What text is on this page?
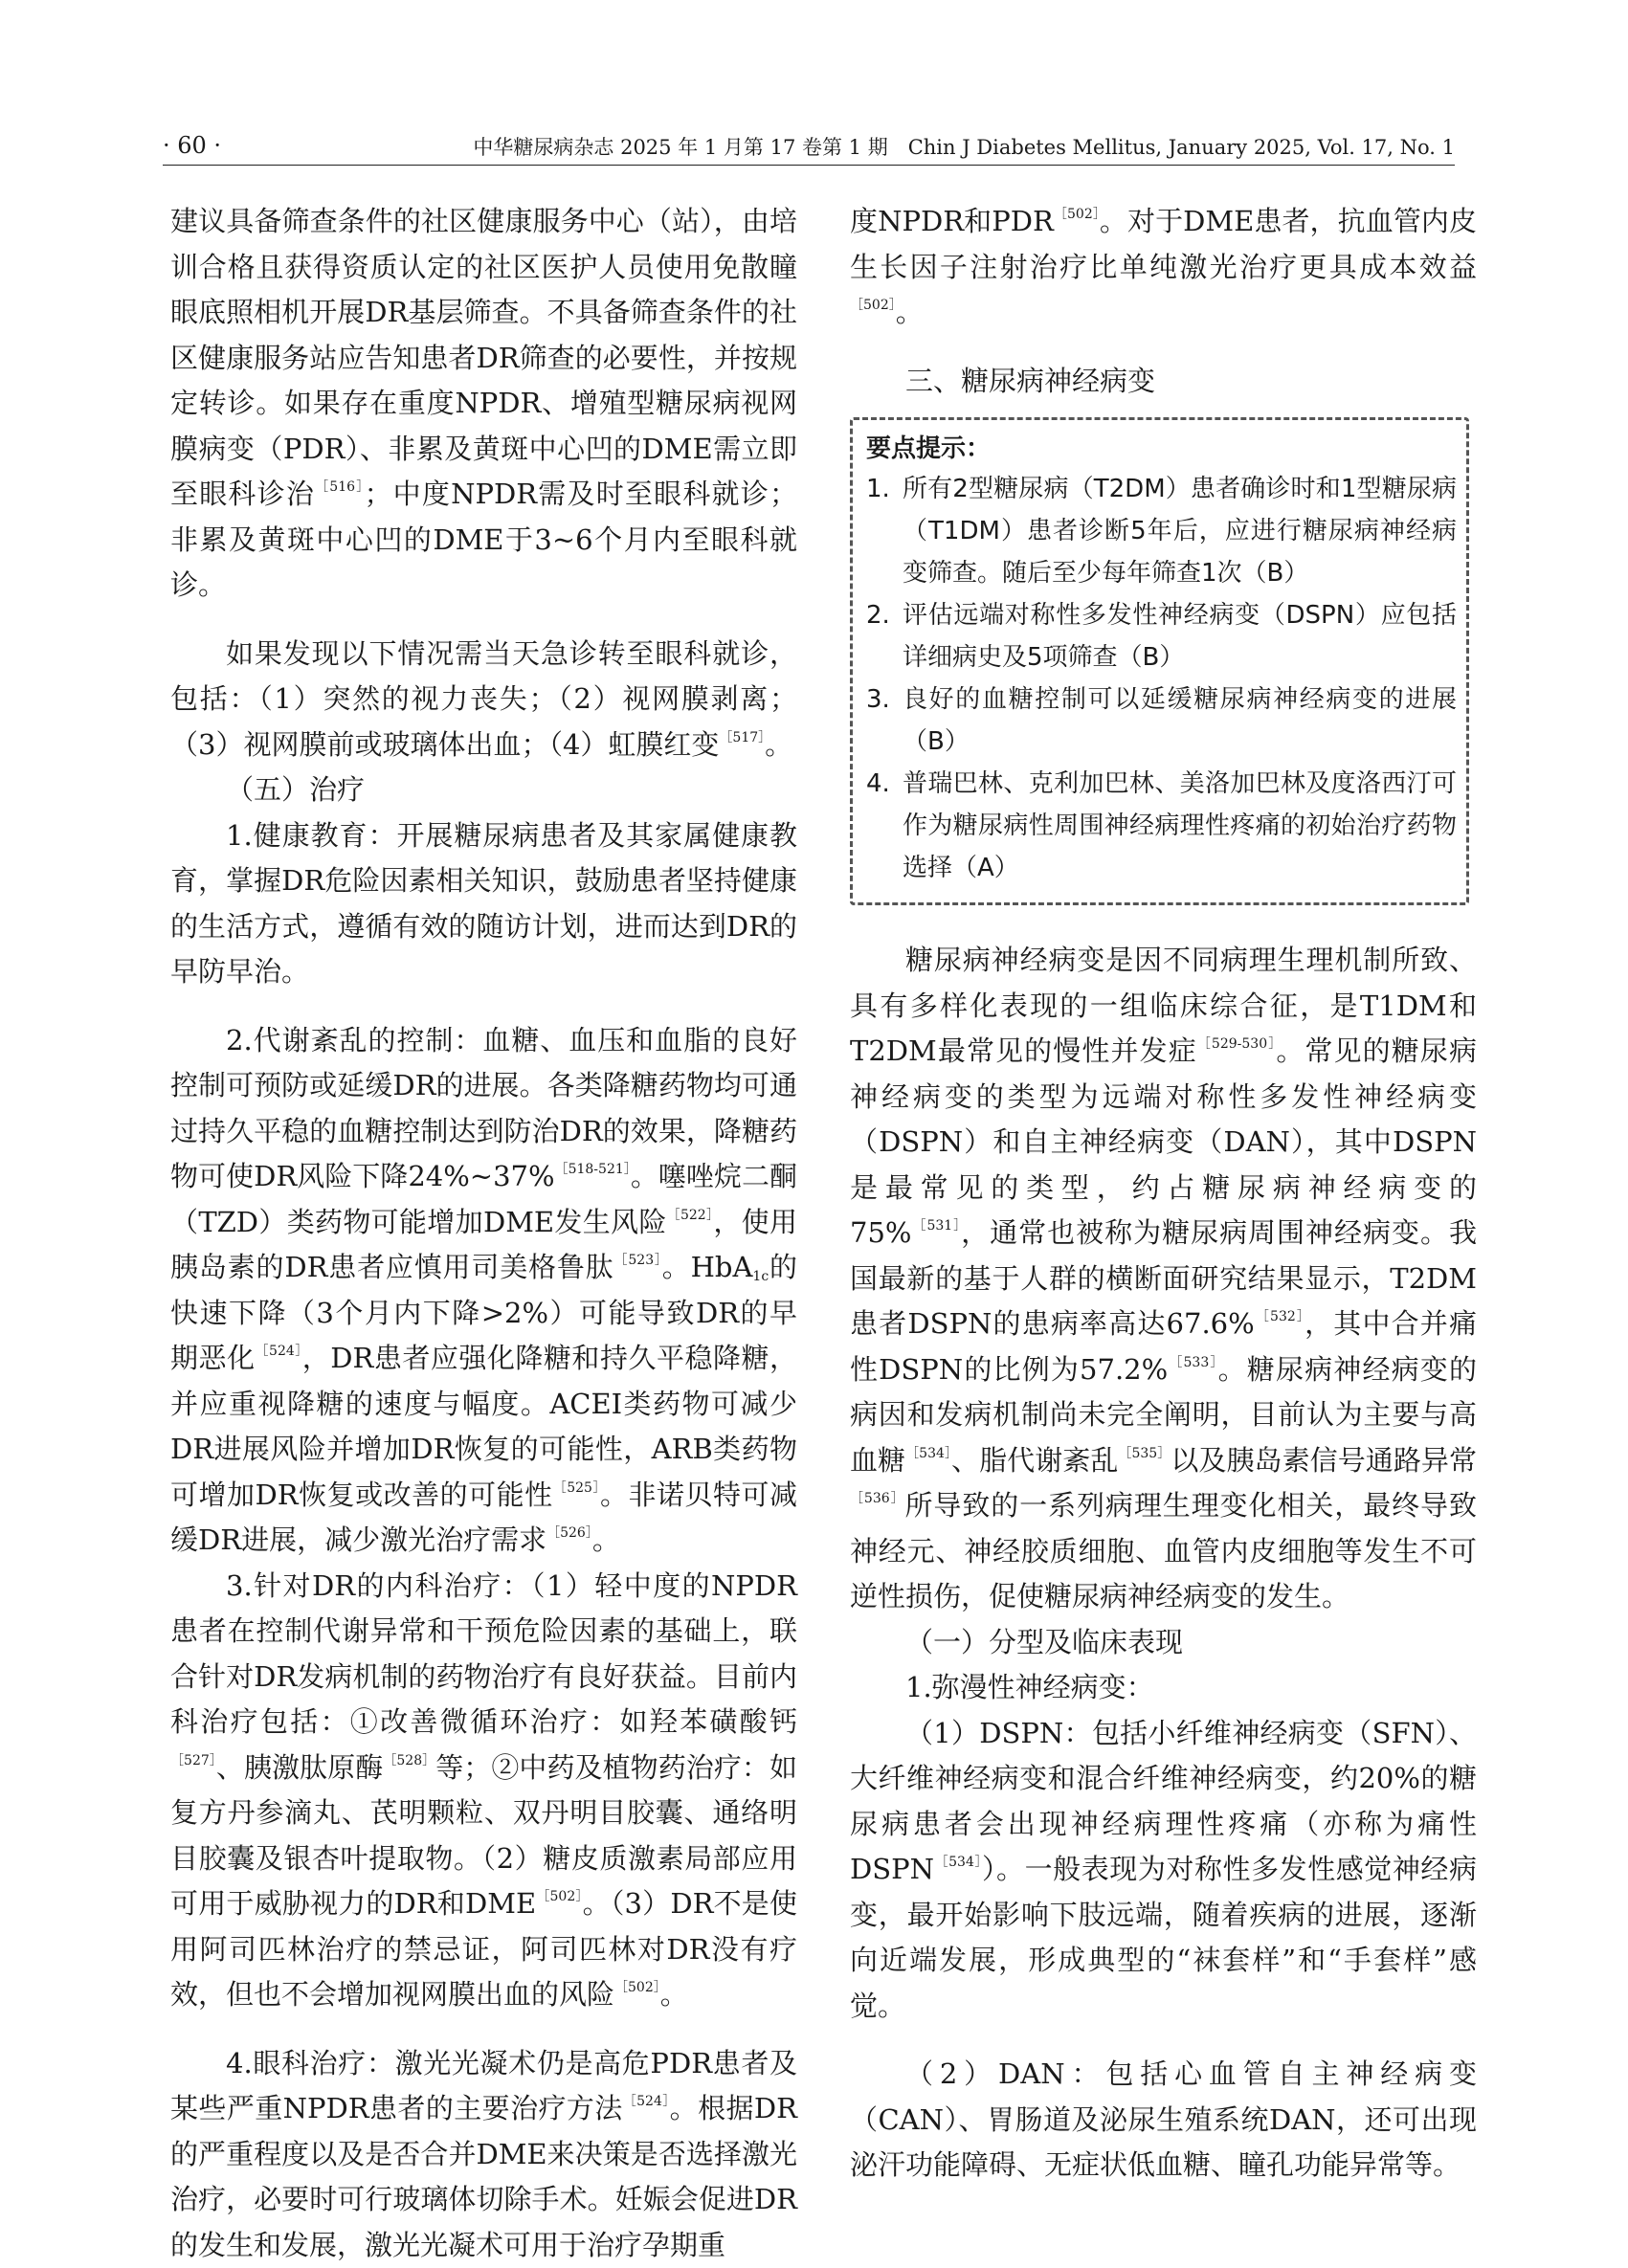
· 60 ·	中华糖尿病杂志 2025 年 1 月第 17 卷第 1 期　Chin J Diabetes Mellitus, January 2025, Vol. 17, No. 1

建议具备筛查条件的社区健康服务中心（站），由培训合格且获得资质认定的社区医护人员使用免散瞳眼底照相机开展DR基层筛查。不具备筛查条件的社区健康服务站应告知患者DR筛查的必要性，并按规定转诊。如果存在重度NPDR、增殖型糖尿病视网膜病变（PDR）、非累及黄斑中心凹的DME需立即至眼科诊治$^{[516]}$；中度NPDR需及时至眼科就诊；非累及黄斑中心凹的DME于3~6个月内至眼科就诊。

如果发现以下情况需当天急诊转至眼科就诊，包括：（1）突然的视力丧失；（2）视网膜剥离；（3）视网膜前或玻璃体出血；（4）虹膜红变$^{[517]}$。

（五）治疗

1.健康教育：开展糖尿病患者及其家属健康教育，掌握DR危险因素相关知识，鼓励患者坚持健康的生活方式，遵循有效的随访计划，进而达到DR的早防早治。

2.代谢紊乱的控制：血糖、血压和血脂的良好控制可预防或延缓DR的进展。各类降糖药物均可通过持久平稳的血糖控制达到防治DR的效果，降糖药物可使DR风险下降24%~37%$^{[518-521]}$。噻唑烷二酮（TZD）类药物可能增加DME发生风险$^{[522]}$，使用胰岛素的DR患者应慎用司美格鲁肽$^{[523]}$。HbA$_{1c}$的快速下降（3个月内下降>2%）可能导致DR的早期恶化$^{[524]}$，DR患者应强化降糖和持久平稳降糖，并应重视降糖的速度与幅度。ACEI类药物可减少DR进展风险并增加DR恢复的可能性，ARB类药物可增加DR恢复或改善的可能性$^{[525]}$。非诺贝特可减缓DR进展，减少激光治疗需求$^{[526]}$。

3.针对DR的内科治疗：（1）轻中度的NPDR患者在控制代谢异常和干预危险因素的基础上，联合针对DR发病机制的药物治疗有良好获益。目前内科治疗包括：①改善微循环治疗：如羟苯磺酸钙$^{[527]}$、胰激肽原酶$^{[528]}$等；②中药及植物药治疗：如复方丹参滴丸、芪明颗粒、双丹明目胶囊、通络明目胶囊及银杏叶提取物。（2）糖皮质激素局部应用可用于威胁视力的DR和$DME^{[502]}$。（3）DR不是使用阿司匹林治疗的禁忌证，阿司匹林对DR没有疗效，但也不会增加视网膜出血的风险$^{[502]}$。

4.眼科治疗：激光光凝术仍是高危PDR患者及某些严重NPDR患者的主要治疗方法$^{[524]}$。根据DR的严重程度以及是否合并DME来决策是否选择激光治疗，必要时可行玻璃体切除手术。妊娠会促进DR的发生和发展，激光光凝术可用于治疗孕期重

度NPDR和$PDR^{[502]}$。对于DME患者，抗血管内皮生长因子注射治疗比单纯激光治疗更具成本效益$^{[502]}$。

三、糖尿病神经病变

要点提示：
1. 所有2型糖尿病（T2DM）患者确诊时和1型糖尿病（T1DM）患者诊断5年后，应进行糖尿病神经病变筛查。随后至少每年筛查1次（B）
2. 评估远端对称性多发性神经病变（DSPN）应包括详细病史及5项筛查（B）
3. 良好的血糖控制可以延缓糖尿病神经病变的进展（B）
4. 普瑞巴林、克利加巴林、美洛加巴林及度洛西汀可作为糖尿病性周围神经病理性疼痛的初始治疗药物选择（A）

糖尿病神经病变是因不同病理生理机制所致、具有多样化表现的一组临床综合征，是T1DM和T2DM最常见的慢性并发症$^{[529-530]}$。常见的糖尿病神经病变的类型为远端对称性多发性神经病变（DSPN）和自主神经病变（DAN），其中DSPN是最常见的类型，约占糖尿病神经病变的75%$^{[531]}$，通常也被称为糖尿病周围神经病变。我国最新的基于人群的横断面研究结果显示，T2DM患者DSPN的患病率高达67.6%$^{[532]}$，其中合并痛性DSPN的比例为57.2%$^{[533]}$。糖尿病神经病变的病因和发病机制尚未完全阐明，目前认为主要与高血糖$^{[534]}$、脂代谢紊乱$^{[535]}$以及胰岛素信号通路异常$^{[536]}$所导致的一系列病理生理变化相关，最终导致神经元、神经胶质细胞、血管内皮细胞等发生不可逆性损伤，促使糖尿病神经病变的发生。

（一）分型及临床表现

1.弥漫性神经病变：

（1）DSPN：包括小纤维神经病变（SFN）、大纤维神经病变和混合纤维神经病变，约20%的糖尿病患者会出现神经病理性疼痛（亦称为痛性$DSPN^{[534]}$）。一般表现为对称性多发性感觉神经病变，最开始影响下肢远端，随着疾病的进展，逐渐向近端发展，形成典型的“袜套样”和“手套样”感觉。

（2）DAN：包括心血管自主神经病变（CAN）、胃肠道及泌尿生殖系统DAN，还可出现泌汗功能障碍、无症状低血糖、瞳孔功能异常等。
